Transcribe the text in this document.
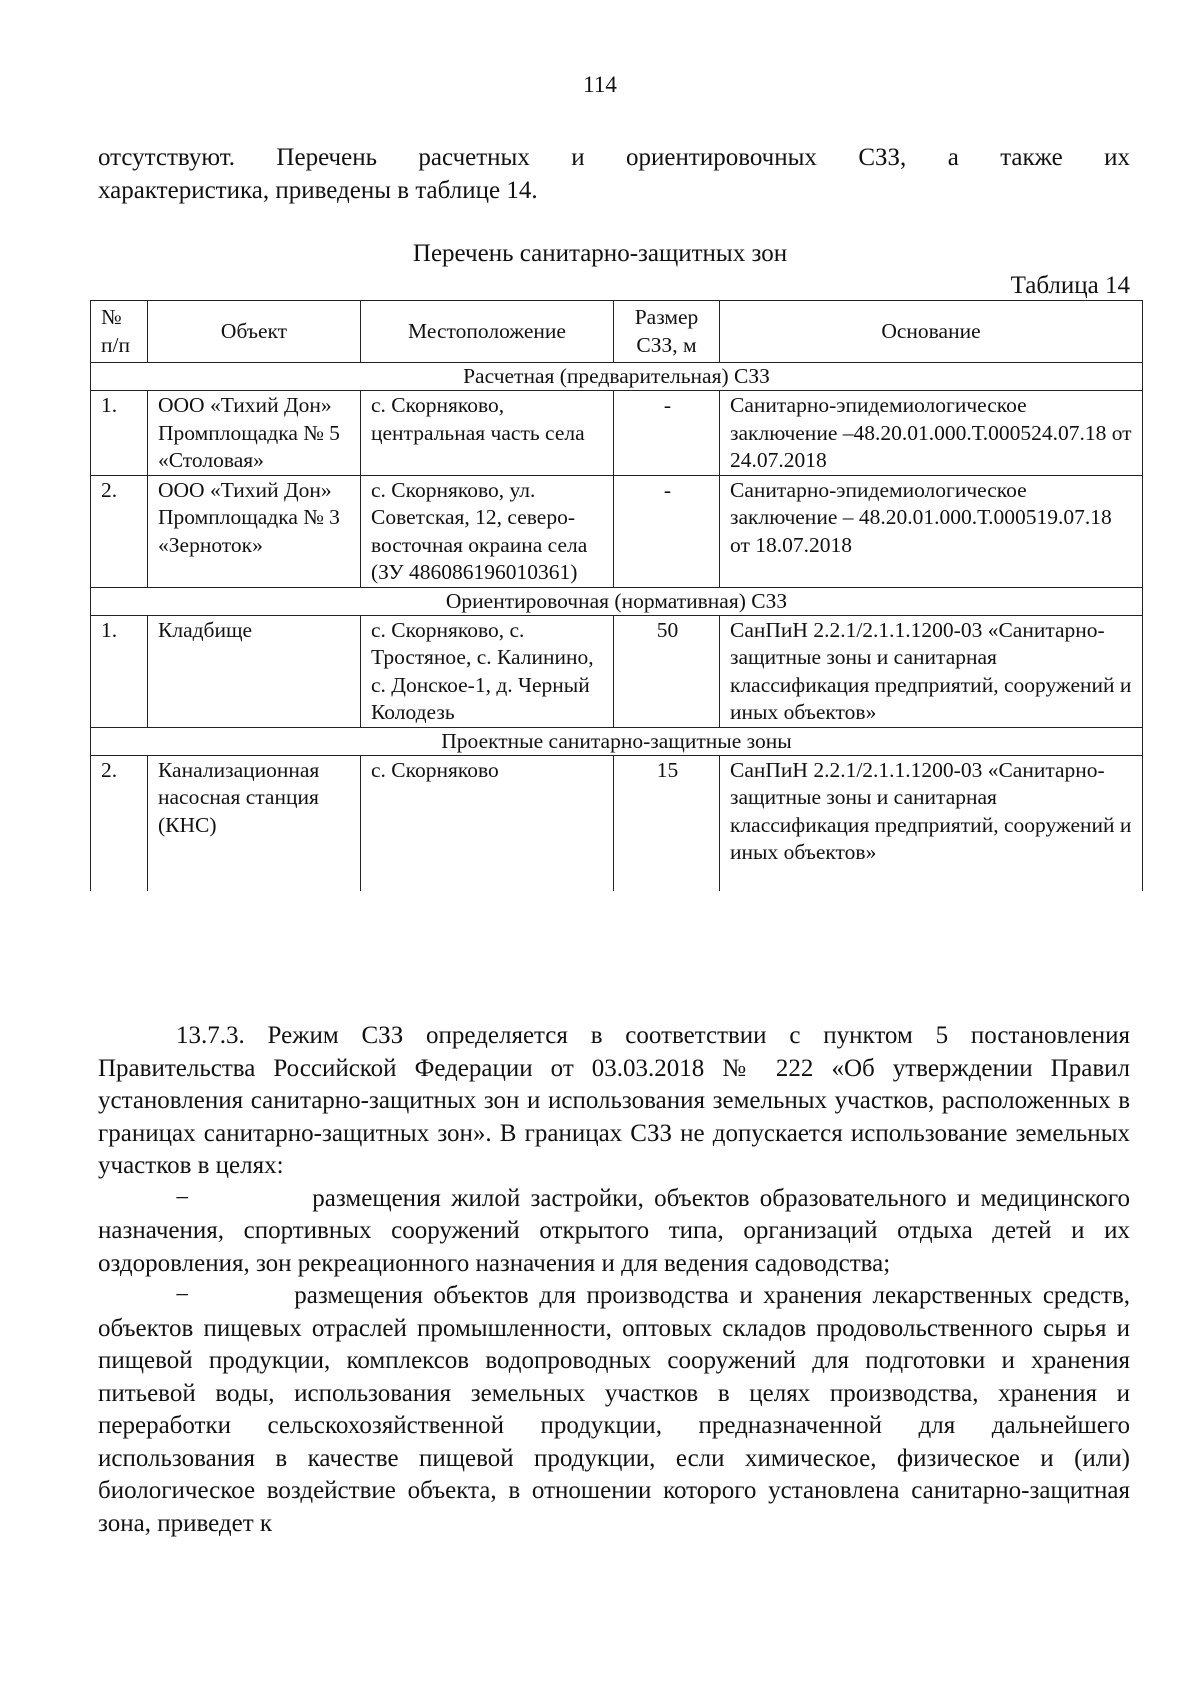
114
отсутствуют. Перечень расчетных и ориентировочных СЗЗ, а также их
характеристика, приведены в таблице 14.
Перечень санитарно-защитных зон
Таблица 14
№ п/п	Объект	Местоположение	Размер СЗЗ, м	Основание
Расчетная (предварительная) СЗЗ				
1.	ООО «Тихий Дон» Промплощадка № 5 «Столовая»	с. Скорняково, центральная часть села	-	Санитарно-эпидемиологическое заключение –48.20.01.000.Т.000524.07.18 от 24.07.2018
2.	ООО «Тихий Дон» Промплощадка № 3 «Зерноток»	с. Скорняково, ул. Советская, 12, северо-восточная окраина села (ЗУ 486086196010361)	-	Санитарно-эпидемиологическое заключение – 48.20.01.000.Т.000519.07.18 от 18.07.2018
Ориентировочная (нормативная) СЗЗ				
1.	Кладбище	с. Скорняково, с. Тростяное, с. Калинино, с. Донское-1, д. Черный Колодезь	50	СанПиН 2.2.1/2.1.1.1200-03 «Санитарно-защитные зоны и санитарная классификация предприятий, сооружений и иных объектов»
Проектные санитарно-защитные зоны				
2.	Канализационная насосная станция (КНС)	с. Скорняково	15	СанПиН 2.2.1/2.1.1.1200-03 «Санитарно-защитные зоны и санитарная классификация предприятий, сооружений и иных объектов»

13.7.3. Режим СЗЗ определяется в соответствии с пунктом 5 постановления Правительства Российской Федерации от 03.03.2018 № 222 «Об утверждении Правил установления санитарно-защитных зон и использования земельных участков, расположенных в границах санитарно-защитных зон». В границах СЗЗ не допускается использование земельных участков в целях:

−	размещения жилой застройки, объектов образовательного и медицинского назначения, спортивных сооружений открытого типа, организаций отдыха детей и их оздоровления, зон рекреационного назначения и для ведения садоводства;

−	размещения объектов для производства и хранения лекарственных средств, объектов пищевых отраслей промышленности, оптовых складов продовольственного сырья и пищевой продукции, комплексов водопроводных сооружений для подготовки и хранения питьевой воды, использования земельных участков в целях производства, хранения и переработки сельскохозяйственной продукции, предназначенной для дальнейшего использования в качестве пищевой продукции, если химическое, физическое и (или) биологическое воздействие объекта, в отношении которого установлена санитарно-защитная зона, приведет к
